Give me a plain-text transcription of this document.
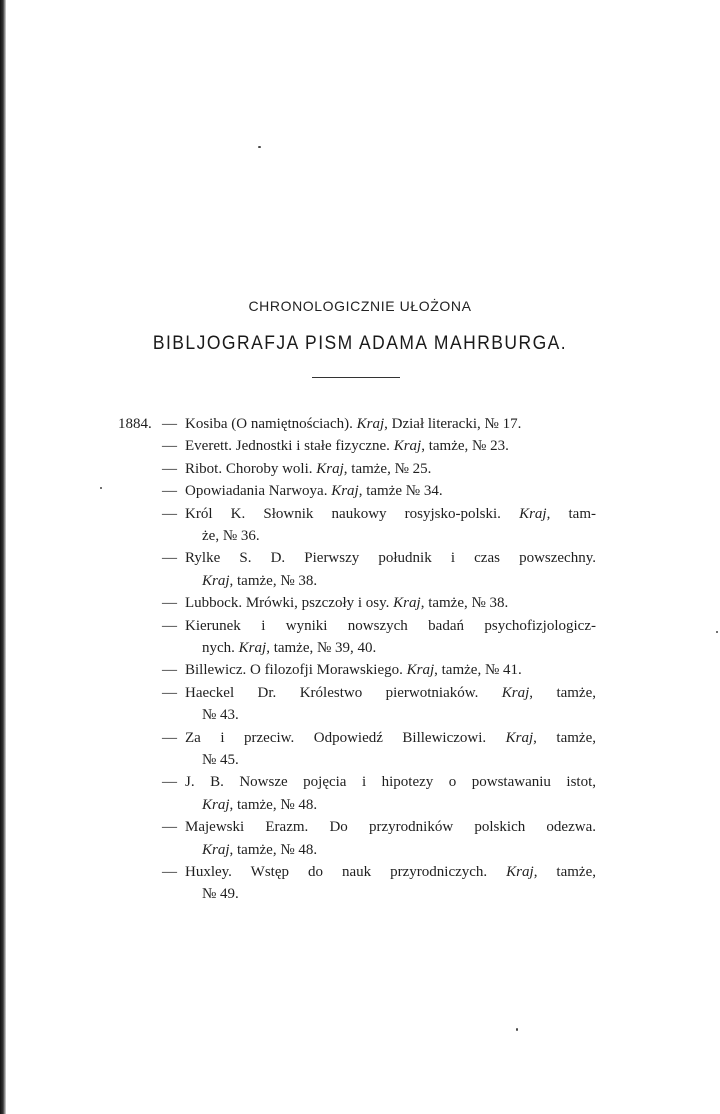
CHRONOLOGICZNIE UŁOŻONA
BIBLJOGRAFJA PISM ADAMA MAHRBURGA.
1884. — Kosiba (O namiętnościach). Kraj, Dział literacki, № 17.
— Everett. Jednostki i stałe fizyczne. Kraj, tamże, № 23.
— Ribot. Choroby woli. Kraj, tamże, № 25.
— Opowiadania Narwoya. Kraj, tamże № 34.
— Król K. Słownik naukowy rosyjsko-polski. Kraj, tam-
że, № 36.
— Rylke S. D. Pierwszy południk i czas powszechny.
Kraj, tamże, № 38.
— Lubbock. Mrówki, pszczoły i osy. Kraj, tamże, № 38.
— Kierunek i wyniki nowszych badań psychofizjologicz-
nych. Kraj, tamże, № 39, 40.
— Billewicz. O filozofji Morawskiego. Kraj, tamże, № 41.
— Haeckel Dr. Królestwo pierwotniaków. Kraj, tamże,
№ 43.
— Za i przeciw. Odpowiedź Billewiczowi. Kraj, tamże,
№ 45.
— J. B. Nowsze pojęcia i hipotezy o powstawaniu istot,
Kraj, tamże, № 48.
— Majewski Erazm. Do przyrodników polskich odezwa.
Kraj, tamże, № 48.
— Huxley. Wstęp do nauk przyrodniczych. Kraj, tamże,
№ 49.
